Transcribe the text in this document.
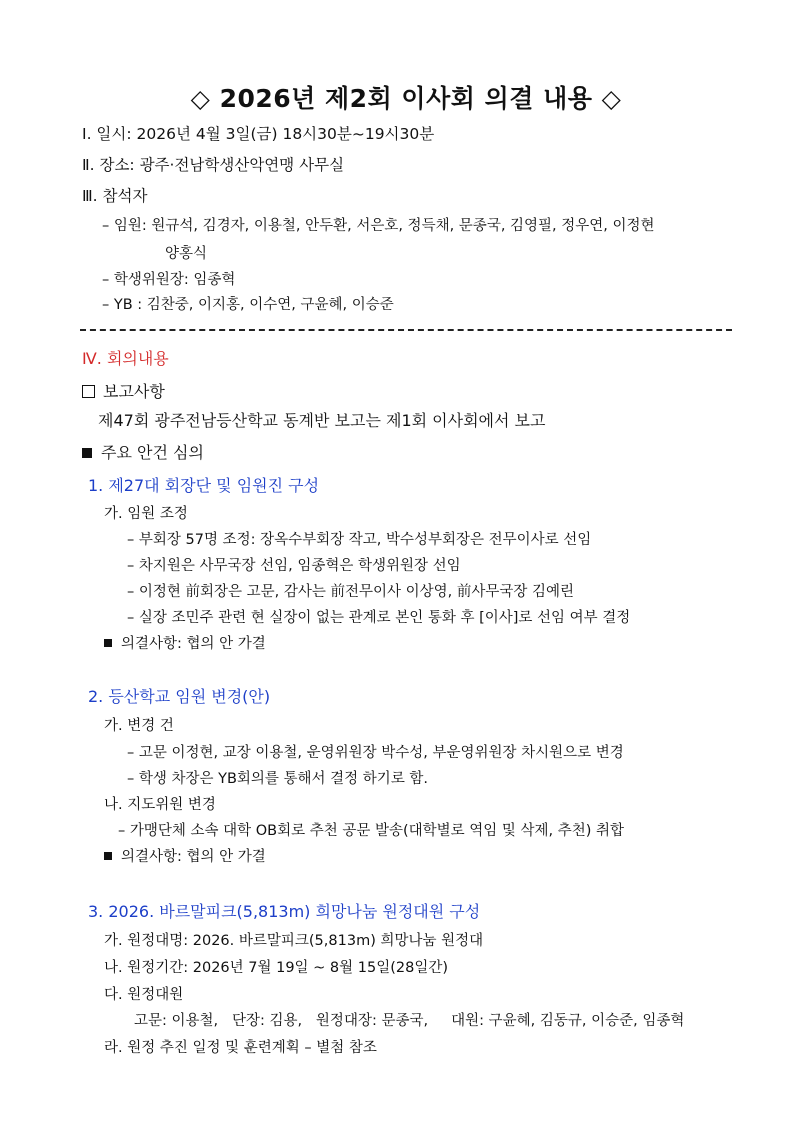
◇ 2026년 제2회 이사회 의결 내용 ◇
Ⅰ. 일시: 2026년 4월 3일(금) 18시30분~19시30분
Ⅱ. 장소: 광주·전남학생산악연맹 사무실
Ⅲ. 참석자
– 임원: 원규석, 김경자, 이용철, 안두환, 서은호, 정득채, 문종국, 김영필, 정우연, 이정현
양홍식
– 학생위원장: 임종혁
– YB : 김찬중, 이지홍, 이수연, 구윤혜, 이승준
Ⅳ. 회의내용
보고사항
제47회 광주전남등산학교 동계반 보고는 제1회 이사회에서 보고
주요 안건 심의
1. 제27대 회장단 및 임원진 구성
가. 임원 조정
– 부회장 57명 조정: 장옥수부회장 작고, 박수성부회장은 전무이사로 선임
– 차지원은 사무국장 선임, 임종혁은 학생위원장 선임
– 이정현 前회장은 고문, 감사는 前전무이사 이상영, 前사무국장 김예린
– 실장 조민주 관련 현 실장이 없는 관계로 본인 통화 후 [이사]로 선임 여부 결정
의결사항: 협의 안 가결
2. 등산학교 임원 변경(안)
가. 변경 건
– 고문 이정현, 교장 이용철, 운영위원장 박수성, 부운영위원장 차시원으로 변경
– 학생 차장은 YB회의를 통해서 결정 하기로 함.
나. 지도위원 변경
– 가맹단체 소속 대학 OB회로 추천 공문 발송(대학별로 역임 및 삭제, 추천) 취합
의결사항: 협의 안 가결
3. 2026. 바르말피크(5,813m) 희망나눔 원정대원 구성
가. 원정대명: 2026. 바르말피크(5,813m) 희망나눔 원정대
나. 원정기간: 2026년 7월 19일 ~ 8월 15일(28일간)
다. 원정대원
고문: 이용철,   단장: 김용,   원정대장: 문종국,     대원: 구윤혜, 김동규, 이승준, 임종혁
라. 원정 추진 일정 및 훈련계획 – 별첨 참조
